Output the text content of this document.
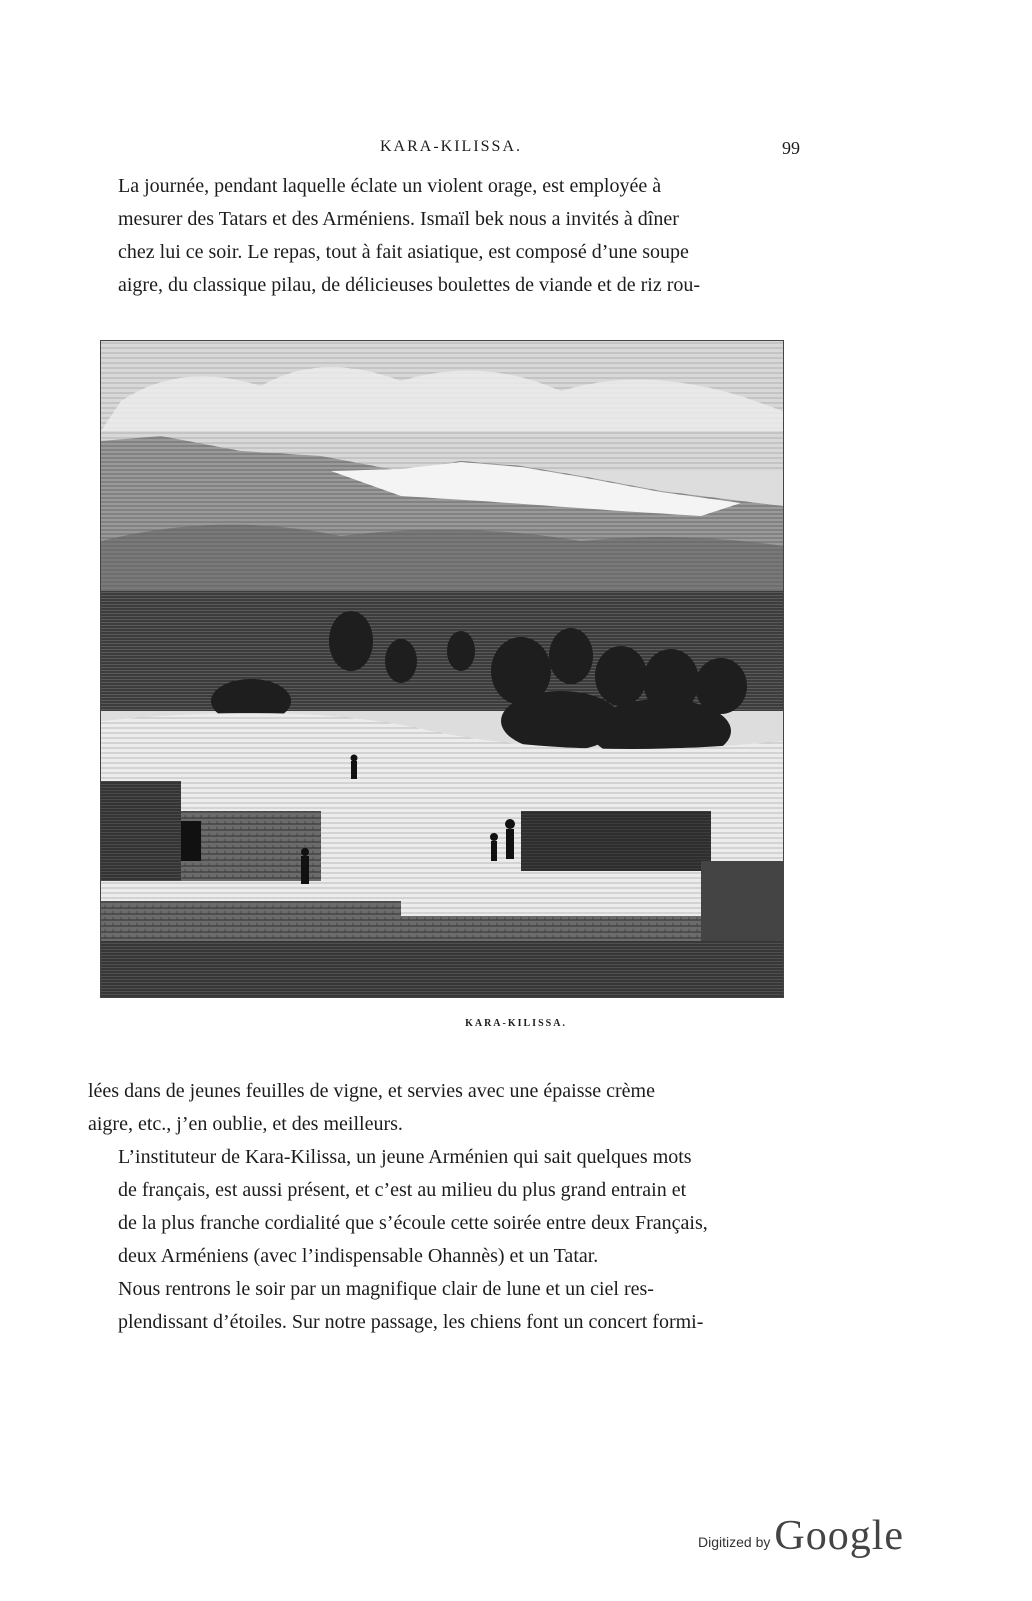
KARA-KILISSA.	99

La journée, pendant laquelle éclate un violent orage, est employée à
mesurer des Tatars et des Arméniens. Ismaïl bek nous a invités à dîner
chez lui ce soir. Le repas, tout à fait asiatique, est composé d’une soupe
aigre, du classique pilau, de délicieuses boulettes de viande et de riz rou-

KARA-KILISSA.

lées dans de jeunes feuilles de vigne, et servies avec une épaisse crème
aigre, etc., j’en oublie, et des meilleurs.

L’instituteur de Kara-Kilissa, un jeune Arménien qui sait quelques mots
de français, est aussi présent, et c’est au milieu du plus grand entrain et
de la plus franche cordialité que s’écoule cette soirée entre deux Français,
deux Arméniens (avec l’indispensable Ohannès) et un Tatar.

Nous rentrons le soir par un magnifique clair de lune et un ciel res-
plendissant d’étoiles. Sur notre passage, les chiens font un concert formi-

Digitized by Google
